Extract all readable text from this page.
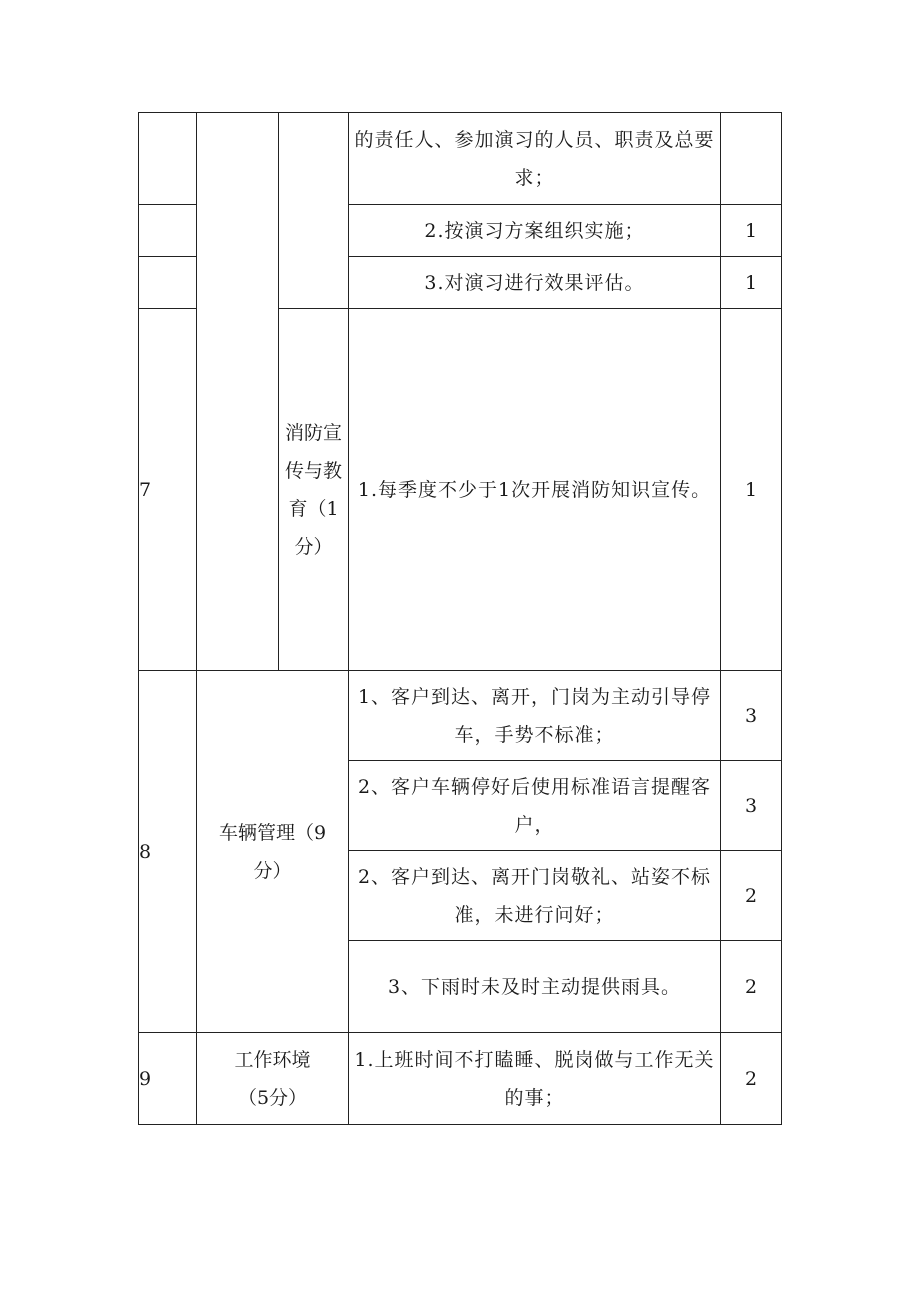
			的责任人、参加演习的人员、职责及总要求；	
			2.按演习方案组织实施；	1
			3.对演习进行效果评估。	1
7		消防宣传与教育（1分）	1.每季度不少于1次开展消防知识宣传。	1
8	车辆管理（9分）		1、客户到达、离开，门岗为主动引导停车，手势不标准；	3
			2、客户车辆停好后使用标准语言提醒客户，	3
			2、客户到达、离开门岗敬礼、站姿不标准，未进行问好；	2
			3、下雨时未及时主动提供雨具。	2
9	工作环境（5分）		1.上班时间不打瞌睡、脱岗做与工作无关的事；	2
